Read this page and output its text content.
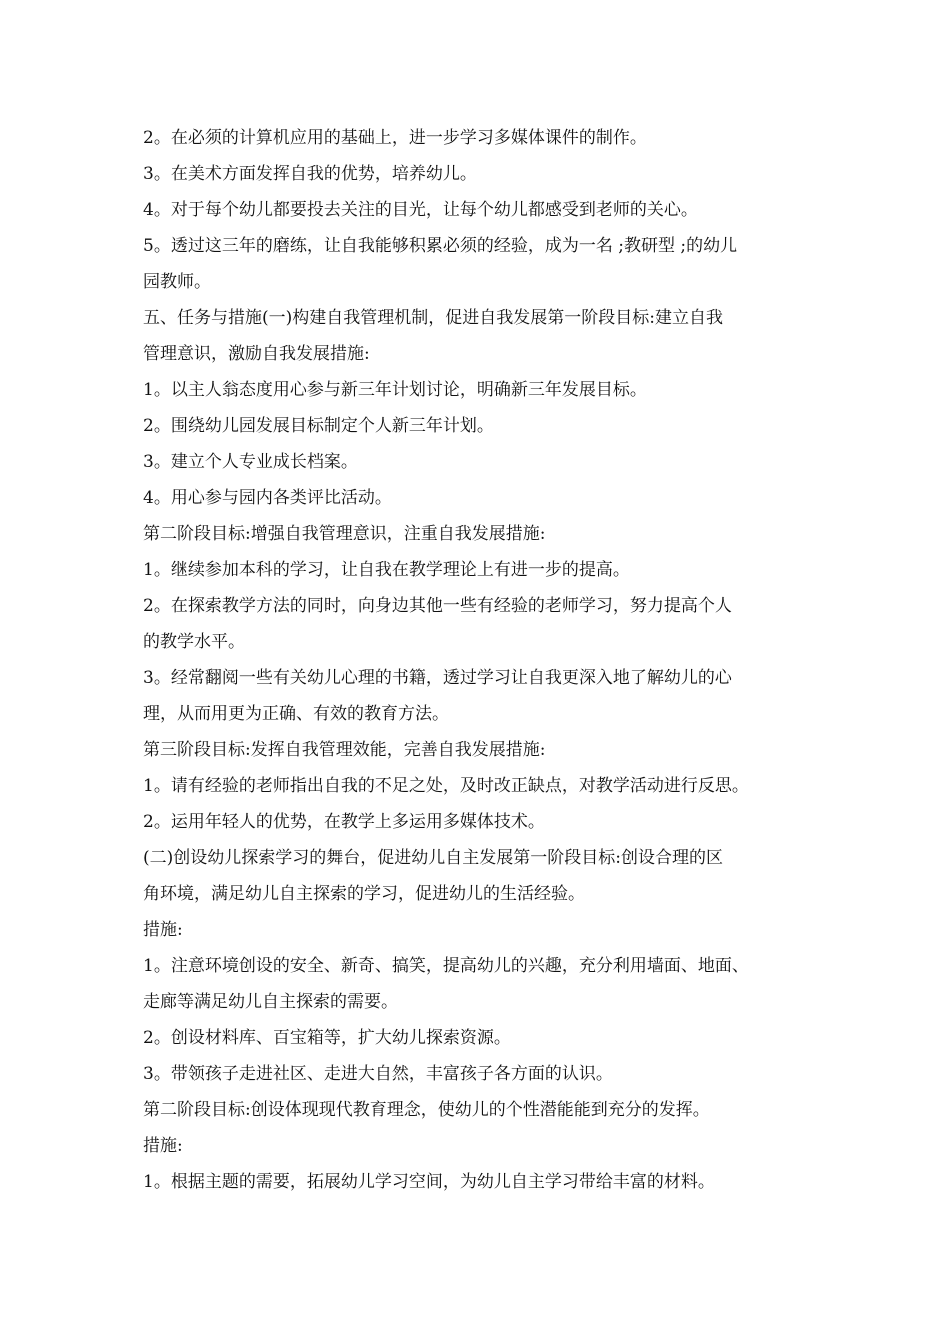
2。在必须的计算机应用的基础上，进一步学习多媒体课件的制作。
3。在美术方面发挥自我的优势，培养幼儿。
4。对于每个幼儿都要投去关注的目光，让每个幼儿都感受到老师的关心。
5。透过这三年的磨练，让自我能够积累必须的经验，成为一名 ;教研型 ;的幼儿
园教师。
五、任务与措施(一)构建自我管理机制，促进自我发展第一阶段目标:建立自我
管理意识，激励自我发展措施:
1。以主人翁态度用心参与新三年计划讨论，明确新三年发展目标。
2。围绕幼儿园发展目标制定个人新三年计划。
3。建立个人专业成长档案。
4。用心参与园内各类评比活动。
第二阶段目标:增强自我管理意识，注重自我发展措施:
1。继续参加本科的学习，让自我在教学理论上有进一步的提高。
2。在探索教学方法的同时，向身边其他一些有经验的老师学习，努力提高个人
的教学水平。
3。经常翻阅一些有关幼儿心理的书籍，透过学习让自我更深入地了解幼儿的心
理，从而用更为正确、有效的教育方法。
第三阶段目标:发挥自我管理效能，完善自我发展措施:
1。请有经验的老师指出自我的不足之处，及时改正缺点，对教学活动进行反思。
2。运用年轻人的优势，在教学上多运用多媒体技术。
(二)创设幼儿探索学习的舞台，促进幼儿自主发展第一阶段目标:创设合理的区
角环境，满足幼儿自主探索的学习，促进幼儿的生活经验。
措施:
1。注意环境创设的安全、新奇、搞笑，提高幼儿的兴趣，充分利用墙面、地面、
走廊等满足幼儿自主探索的需要。
2。创设材料库、百宝箱等，扩大幼儿探索资源。
3。带领孩子走进社区、走进大自然，丰富孩子各方面的认识。
第二阶段目标:创设体现现代教育理念，使幼儿的个性潜能能到充分的发挥。
措施:
1。根据主题的需要，拓展幼儿学习空间，为幼儿自主学习带给丰富的材料。
